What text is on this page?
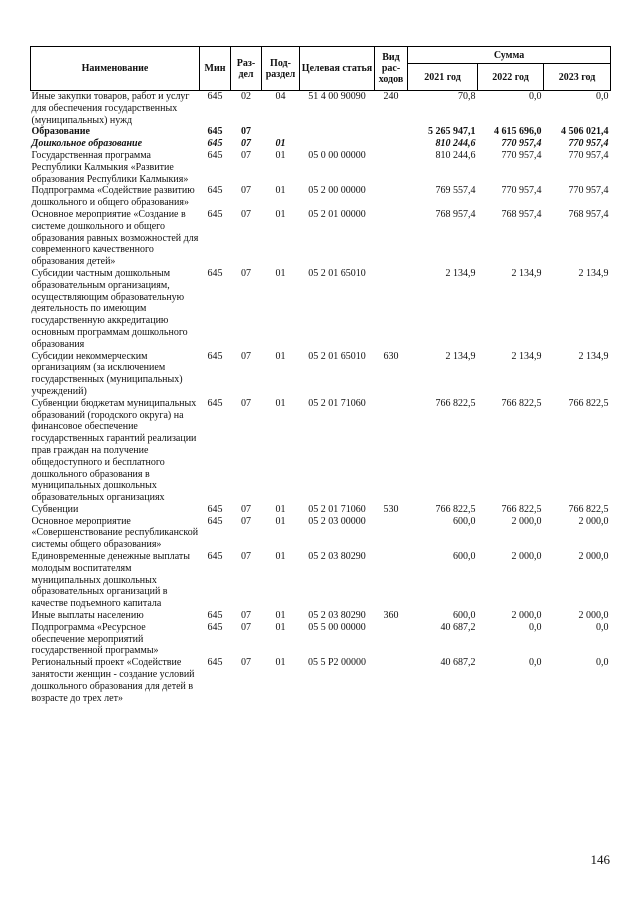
Наименование	Мин	Раз-дел	Под-раздел	Целевая статья	Вид рас-ходов	Сумма		
						2021 год	2022 год	2023 год
Иные закупки товаров, работ и услуг для обеспечения государственных (муниципальных) нужд	645	02	04	51 4 00 90090	240	70,8	0,0	0,0
Образование	645	07				5 265 947,1	4 615 696,0	4 506 021,4
Дошкольное образование	645	07	01			810 244,6	770 957,4	770 957,4
Государственная программа Республики Калмыкия «Развитие образования Республики Калмыкия»	645	07	01	05 0 00 00000		810 244,6	770 957,4	770 957,4
Подпрограмма «Содействие развитию дошкольного и общего образования»	645	07	01	05 2 00 00000		769 557,4	770 957,4	770 957,4
Основное мероприятие «Создание в системе дошкольного и общего образования равных возможностей для современного качественного образования детей»	645	07	01	05 2 01 00000		768 957,4	768 957,4	768 957,4
Субсидии частным дошкольным образовательным организациям, осуществляющим образовательную деятельность по имеющим государственную аккредитацию основным программам дошкольного образования	645	07	01	05 2 01 65010		2 134,9	2 134,9	2 134,9
Субсидии некоммерческим организациям (за исключением государственных (муниципальных) учреждений)	645	07	01	05 2 01 65010	630	2 134,9	2 134,9	2 134,9
Субвенции бюджетам муниципальных образований (городского округа) на финансовое обеспечение государственных гарантий реализации прав граждан на получение общедоступного и бесплатного дошкольного образования в муниципальных дошкольных образовательных организациях	645	07	01	05 2 01 71060		766 822,5	766 822,5	766 822,5
Субвенции	645	07	01	05 2 01 71060	530	766 822,5	766 822,5	766 822,5
Основное мероприятие «Совершенствование республиканской системы общего образования»	645	07	01	05 2 03 00000		600,0	2 000,0	2 000,0
Единовременные денежные выплаты молодым воспитателям муниципальных дошкольных образовательных организаций в качестве подъемного капитала	645	07	01	05 2 03 80290		600,0	2 000,0	2 000,0
Иные выплаты населению	645	07	01	05 2 03 80290	360	600,0	2 000,0	2 000,0
Подпрограмма «Ресурсное обеспечение мероприятий государственной программы»	645	07	01	05 5 00 00000		40 687,2	0,0	0,0
Региональный проект «Содействие занятости женщин - создание условий дошкольного образования для детей в возрасте до трех лет»	645	07	01	05 5 P2 00000		40 687,2	0,0	0,0
146
